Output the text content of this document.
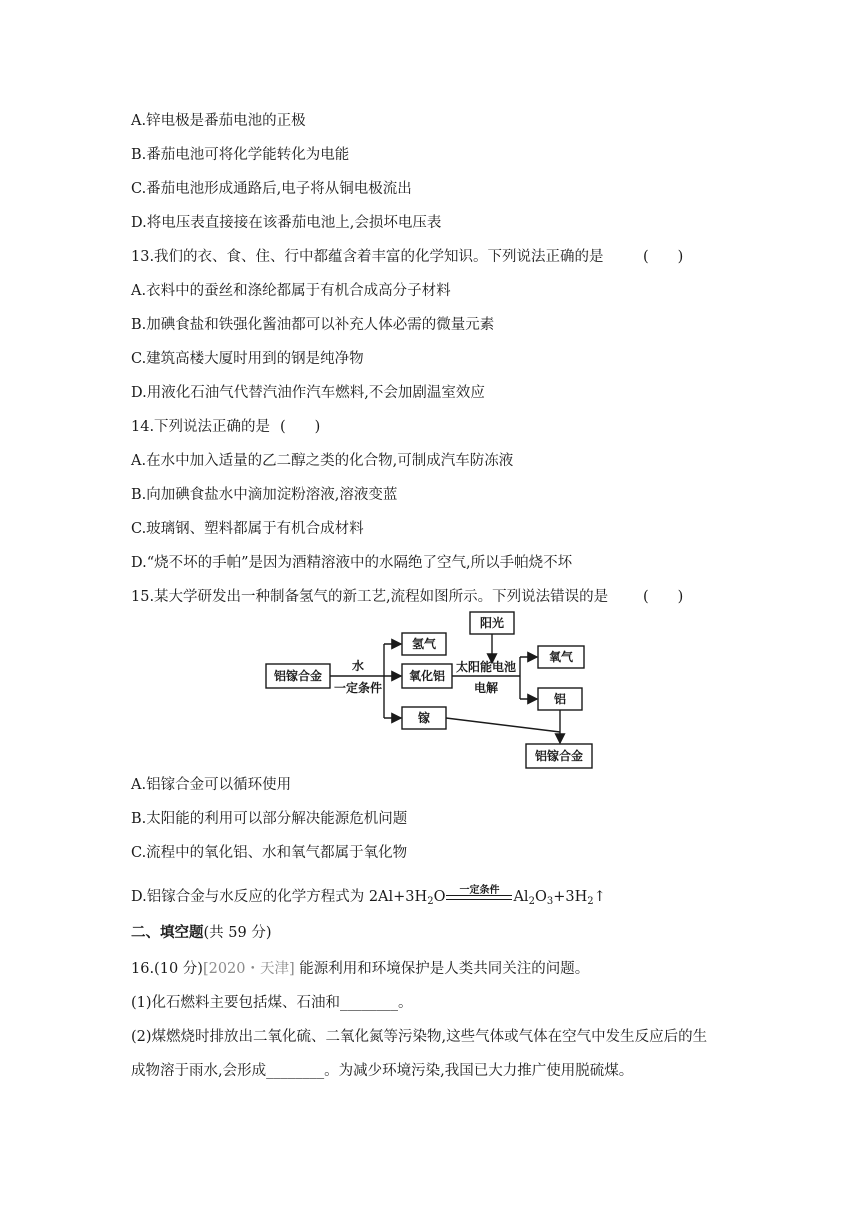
A.锌电极是番茄电池的正极
B.番茄电池可将化学能转化为电能
C.番茄电池形成通路后,电子将从铜电极流出
D.将电压表直接接在该番茄电池上,会损坏电压表
13.我们的衣、食、住、行中都蕴含着丰富的化学知识。下列说法正确的是	(　　)
A.衣料中的蚕丝和涤纶都属于有机合成高分子材料
B.加碘食盐和铁强化酱油都可以补充人体必需的微量元素
C.建筑高楼大厦时用到的钢是纯净物
D.用液化石油气代替汽油作汽车燃料,不会加剧温室效应
14.下列说法正确的是 (　　)
A.在水中加入适量的乙二醇之类的化合物,可制成汽车防冻液
B.向加碘食盐水中滴加淀粉溶液,溶液变蓝
C.玻璃钢、塑料都属于有机合成材料
D.“烧不坏的手帕”是因为酒精溶液中的水隔绝了空气,所以手帕烧不坏
15.某大学研发出一种制备氢气的新工艺,流程如图所示。下列说法错误的是 (　　)
铝镓合金
水
一定条件
氢气
氧化铝
镓
阳光
太阳能电池
电解
氧气
铝
铝镓合金
A.铝镓合金可以循环使用
B.太阳能的利用可以部分解决能源危机问题
C.流程中的氧化铝、水和氧气都属于氧化物
D.铝镓合金与水反应的化学方程式为 $2Al+3H_2O$	一定条件 $Al_2O_3+3H_2↑$
二、填空题(共 59 分)
16.(10 分)[2020・天津] 能源利用和环境保护是人类共同关注的问题。
(1)化石燃料主要包括煤、石油和________。
(2)煤燃烧时排放出二氧化硫、二氧化氮等污染物,这些气体或气体在空气中发生反应后的生
成物溶于雨水,会形成________。为减少环境污染,我国已大力推广使用脱硫煤。
